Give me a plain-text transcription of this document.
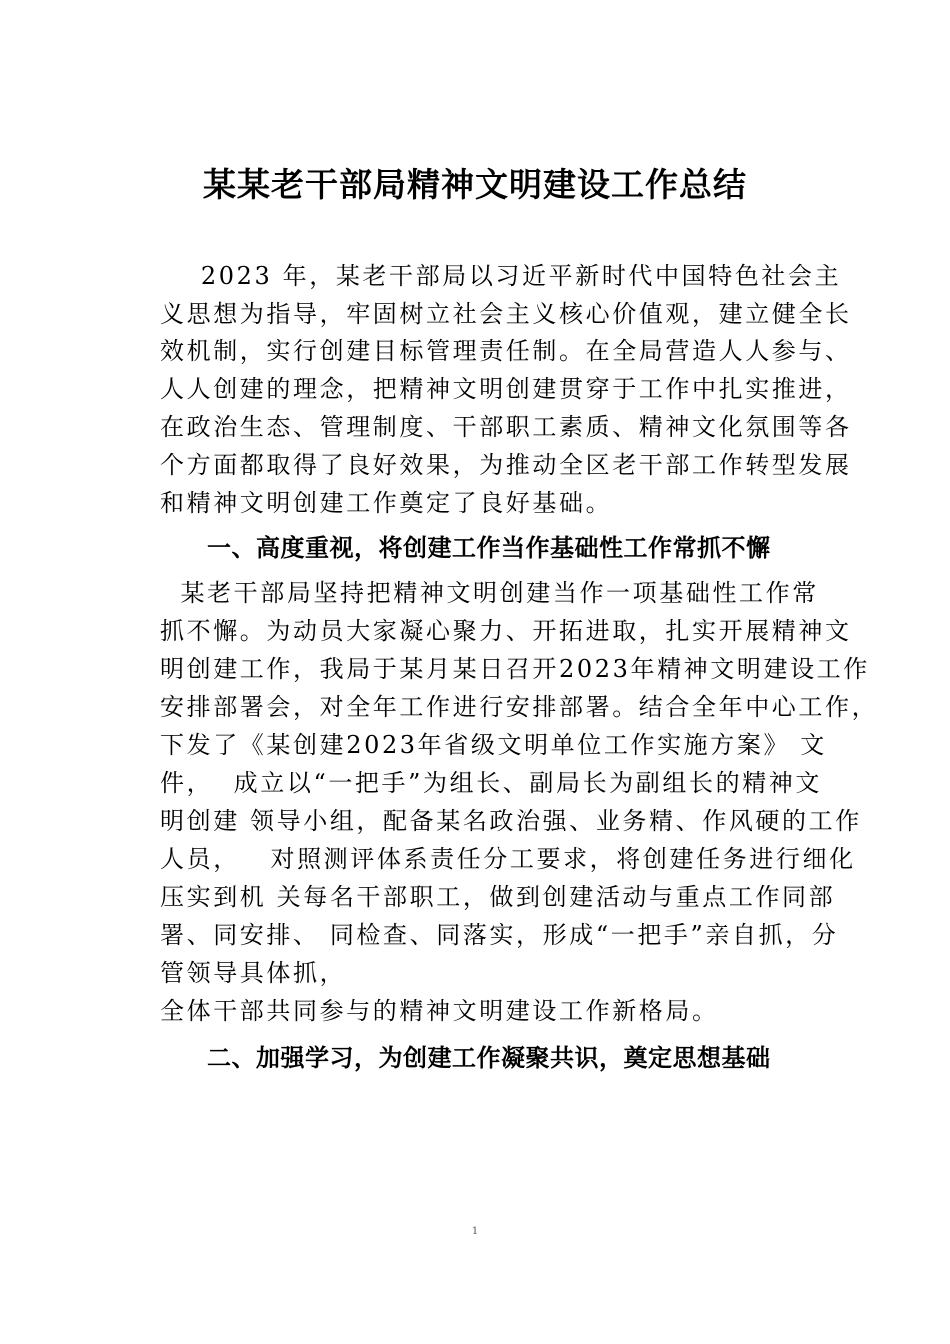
某某老干部局精神文明建设工作总结
2023 年，某老干部局以习近平新时代中国特色社会主
义思想为指导，牢固树立社会主义核心价值观，建立健全长
效机制，实行创建目标管理责任制。在全局营造人人参与、
人人创建的理念，把精神文明创建贯穿于工作中扎实推进，
在政治生态、管理制度、干部职工素质、精神文化氛围等各
个方面都取得了良好效果，为推动全区老干部工作转型发展
和精神文明创建工作奠定了良好基础。
一、高度重视，将创建工作当作基础性工作常抓不懈
某老干部局坚持把精神文明创建当作一项基础性工作常
抓不懈。为动员大家凝心聚力、开拓进取，扎实开展精神文
明创建工作，我局于某月某日召开2023年精神文明建设工作
安排部署会，对全年工作进行安排部署。结合全年中心工作，
下发了《某创建2023年省级文明单位工作实施方案》 文
件，  成立以“一把手”为组长、副局长为副组长的精神文
明创建 领导小组，配备某名政治强、业务精、作风硬的工作
人员，   对照测评体系责任分工要求，将创建任务进行细化
压实到机 关每名干部职工，做到创建活动与重点工作同部
署、同安排、 同检查、同落实，形成“一把手”亲自抓，分
管领导具体抓，
全体干部共同参与的精神文明建设工作新格局。
二、加强学习，为创建工作凝聚共识，奠定思想基础
1
